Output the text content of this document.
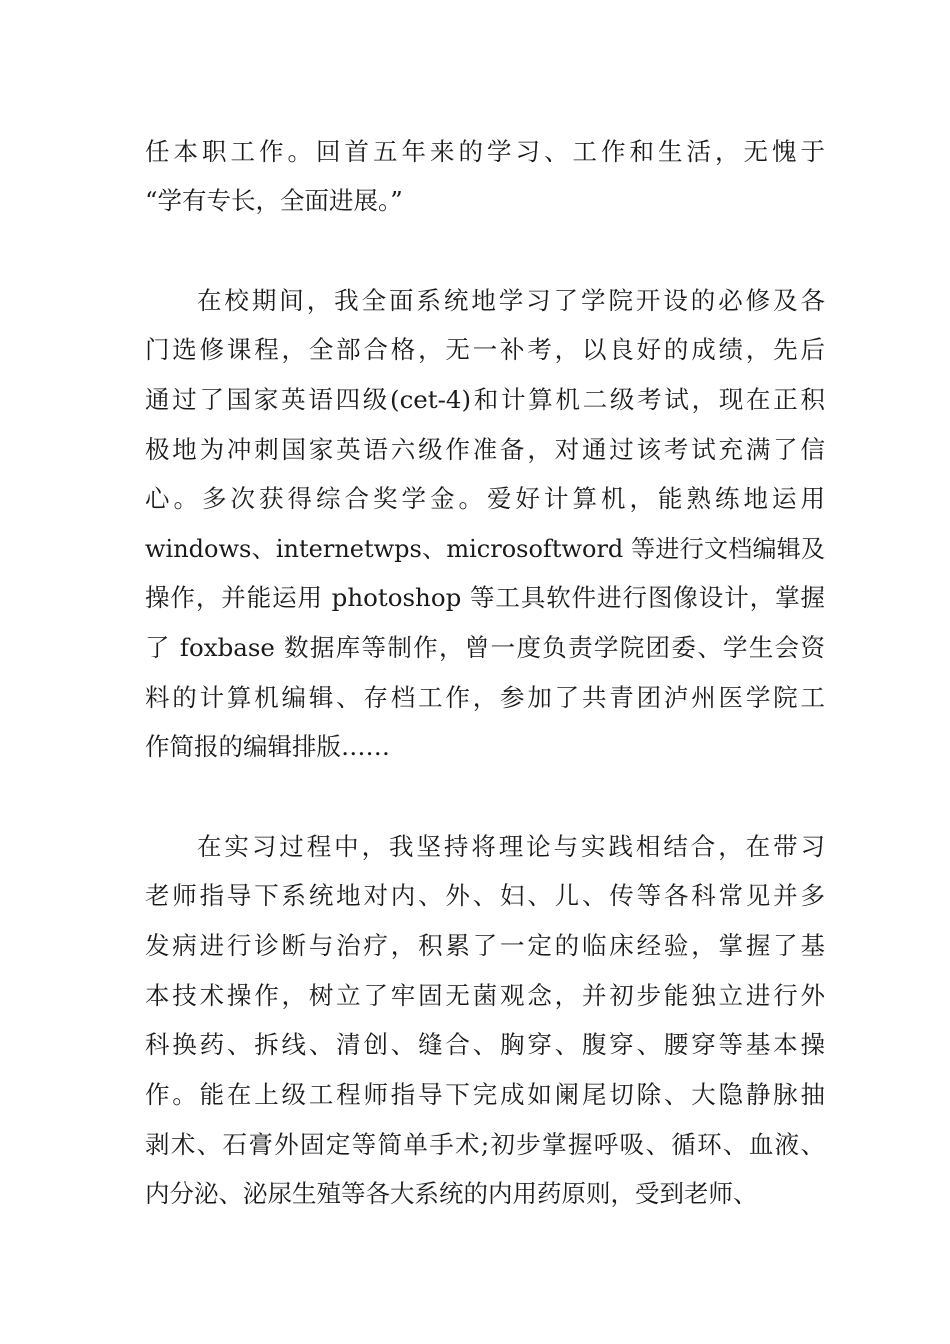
任本职工作。回首五年来的学习、工作和生活，无愧于
“学有专长，全面进展。”
在校期间，我全面系统地学习了学院开设的必修及各
门选修课程，全部合格，无一补考，以良好的成绩，先后
通过了国家英语四级(cet-4)和计算机二级考试，现在正积
极地为冲刺国家英语六级作准备，对通过该考试充满了信
心。多次获得综合奖学金。爱好计算机，能熟练地运用
windows、internetwps、microsoftword 等进行文档编辑及
操作，并能运用 photoshop 等工具软件进行图像设计，掌握
了 foxbase 数据库等制作，曾一度负责学院团委、学生会资
料的计算机编辑、存档工作，参加了共青团泸州医学院工
作简报的编辑排版……
在实习过程中，我坚持将理论与实践相结合，在带习
老师指导下系统地对内、外、妇、儿、传等各科常见并多
发病进行诊断与治疗，积累了一定的临床经验，掌握了基
本技术操作，树立了牢固无菌观念，并初步能独立进行外
科换药、拆线、清创、缝合、胸穿、腹穿、腰穿等基本操
作。能在上级工程师指导下完成如阑尾切除、大隐静脉抽
剥术、石膏外固定等简单手术;初步掌握呼吸、循环、血液、
内分泌、泌尿生殖等各大系统的内用药原则，受到老师、
